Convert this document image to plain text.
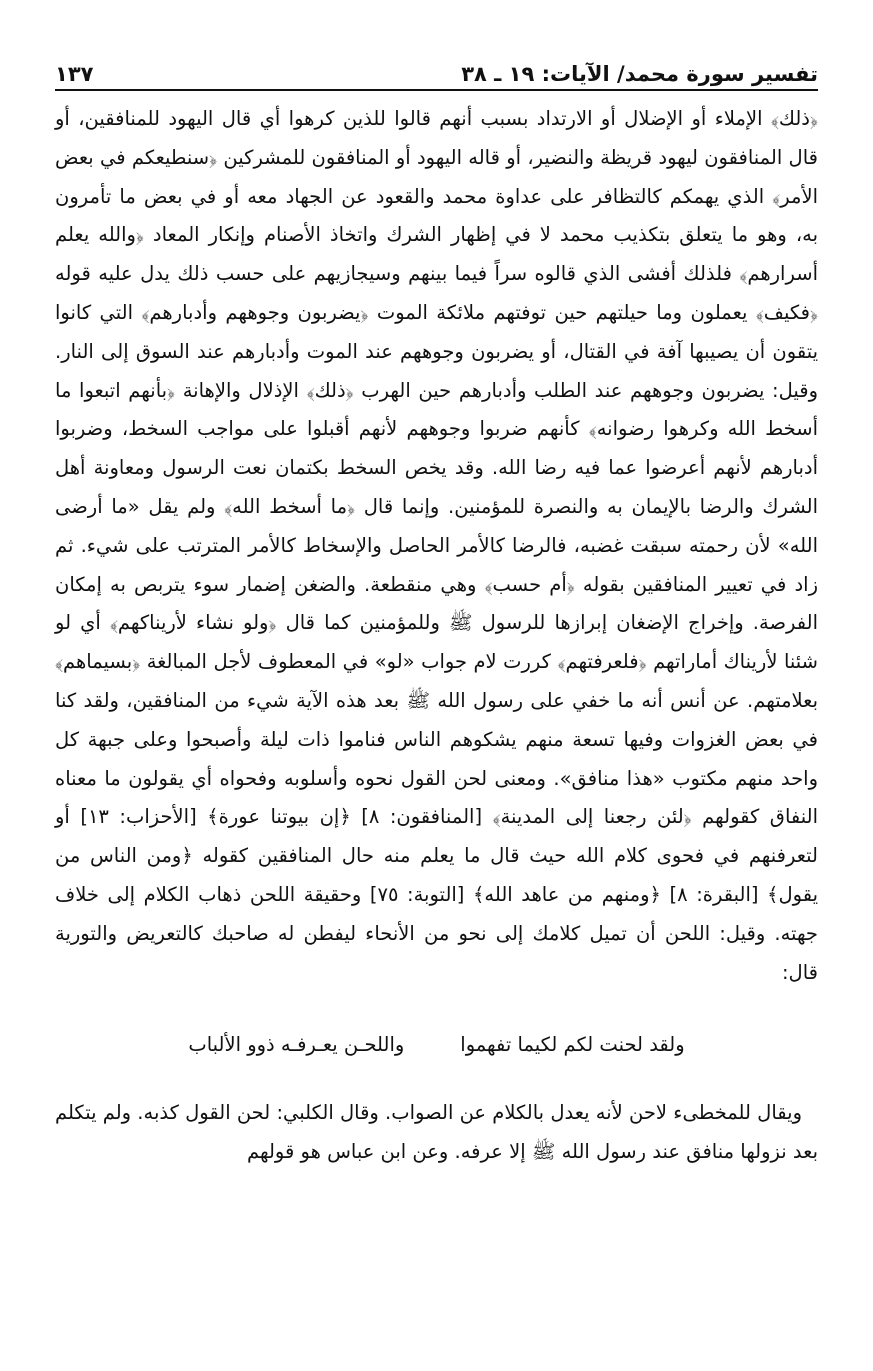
تفسير سورة محمد/ الآيات: ١٩ ـ ٣٨
١٣٧

﴿ذلك﴾ الإملاء أو الإضلال أو الارتداد بسبب أنهم قالوا للذين كرهوا أي قال اليهود للمنافقين، أو قال المنافقون ليهود قريظة والنضير، أو قاله اليهود أو المنافقون للمشركين ﴿سنطيعكم في بعض الأمر﴾ الذي يهمكم كالتظافر على عداوة محمد والقعود عن الجهاد معه أو في بعض ما تأمرون به، وهو ما يتعلق بتكذيب محمد لا في إظهار الشرك واتخاذ الأصنام وإنكار المعاد ﴿والله يعلم أسرارهم﴾ فلذلك أفشى الذي قالوه سراً فيما بينهم وسيجازيهم على حسب ذلك يدل عليه قوله ﴿فكيف﴾ يعملون وما حيلتهم حين توفتهم ملائكة الموت ﴿يضربون وجوههم وأدبارهم﴾ التي كانوا يتقون أن يصيبها آفة في القتال، أو يضربون وجوههم عند الموت وأدبارهم عند السوق إلى النار. وقيل: يضربون وجوههم عند الطلب وأدبارهم حين الهرب ﴿ذلك﴾ الإذلال والإهانة ﴿بأنهم اتبعوا ما أسخط الله وكرهوا رضوانه﴾ كأنهم ضربوا وجوههم لأنهم أقبلوا على مواجب السخط، وضربوا أدبارهم لأنهم أعرضوا عما فيه رضا الله. وقد يخص السخط بكتمان نعت الرسول ومعاونة أهل الشرك والرضا بالإيمان به والنصرة للمؤمنين. وإنما قال ﴿ما أسخط الله﴾ ولم يقل «ما أرضى الله» لأن رحمته سبقت غضبه، فالرضا كالأمر الحاصل والإسخاط كالأمر المترتب على شيء. ثم زاد في تعيير المنافقين بقوله ﴿أم حسب﴾ وهي منقطعة. والضغن إضمار سوء يتربص به إمكان الفرصة. وإخراج الإضغان إبرازها للرسول ﷺ وللمؤمنين كما قال ﴿ولو نشاء لأريناكهم﴾ أي لو شئنا لأريناك أماراتهم ﴿فلعرفتهم﴾ كررت لام جواب «لو» في المعطوف لأجل المبالغة ﴿بسيماهم﴾ بعلامتهم. عن أنس أنه ما خفي على رسول الله ﷺ بعد هذه الآية شيء من المنافقين، ولقد كنا في بعض الغزوات وفيها تسعة منهم يشكوهم الناس فناموا ذات ليلة وأصبحوا وعلى جبهة كل واحد منهم مكتوب «هذا منافق». ومعنى لحن القول نحوه وأسلوبه وفحواه أي يقولون ما معناه النفاق كقولهم ﴿لئن رجعنا إلى المدينة﴾ [المنافقون: ٨] ﴿إن بيوتنا عورة﴾ [الأحزاب: ١٣] أو لتعرفنهم في فحوى كلام الله حيث قال ما يعلم منه حال المنافقين كقوله ﴿ومن الناس من يقول﴾ [البقرة: ٨] ﴿ومنهم من عاهد الله﴾ [التوبة: ٧٥] وحقيقة اللحن ذهاب الكلام إلى خلاف جهته. وقيل: اللحن أن تميل كلامك إلى نحو من الأنحاء ليفطن له صاحبك كالتعريض والتورية قال:

ولقد لحنت لكم لكيما تفهموا
واللحـن يعـرفـه ذوو الألباب
ويقال للمخطىء لاحن لأنه يعدل بالكلام عن الصواب. وقال الكلبي: لحن القول كذبه. ولم يتكلم بعد نزولها منافق عند رسول الله ﷺ إلا عرفه. وعن ابن عباس هو قولهم
